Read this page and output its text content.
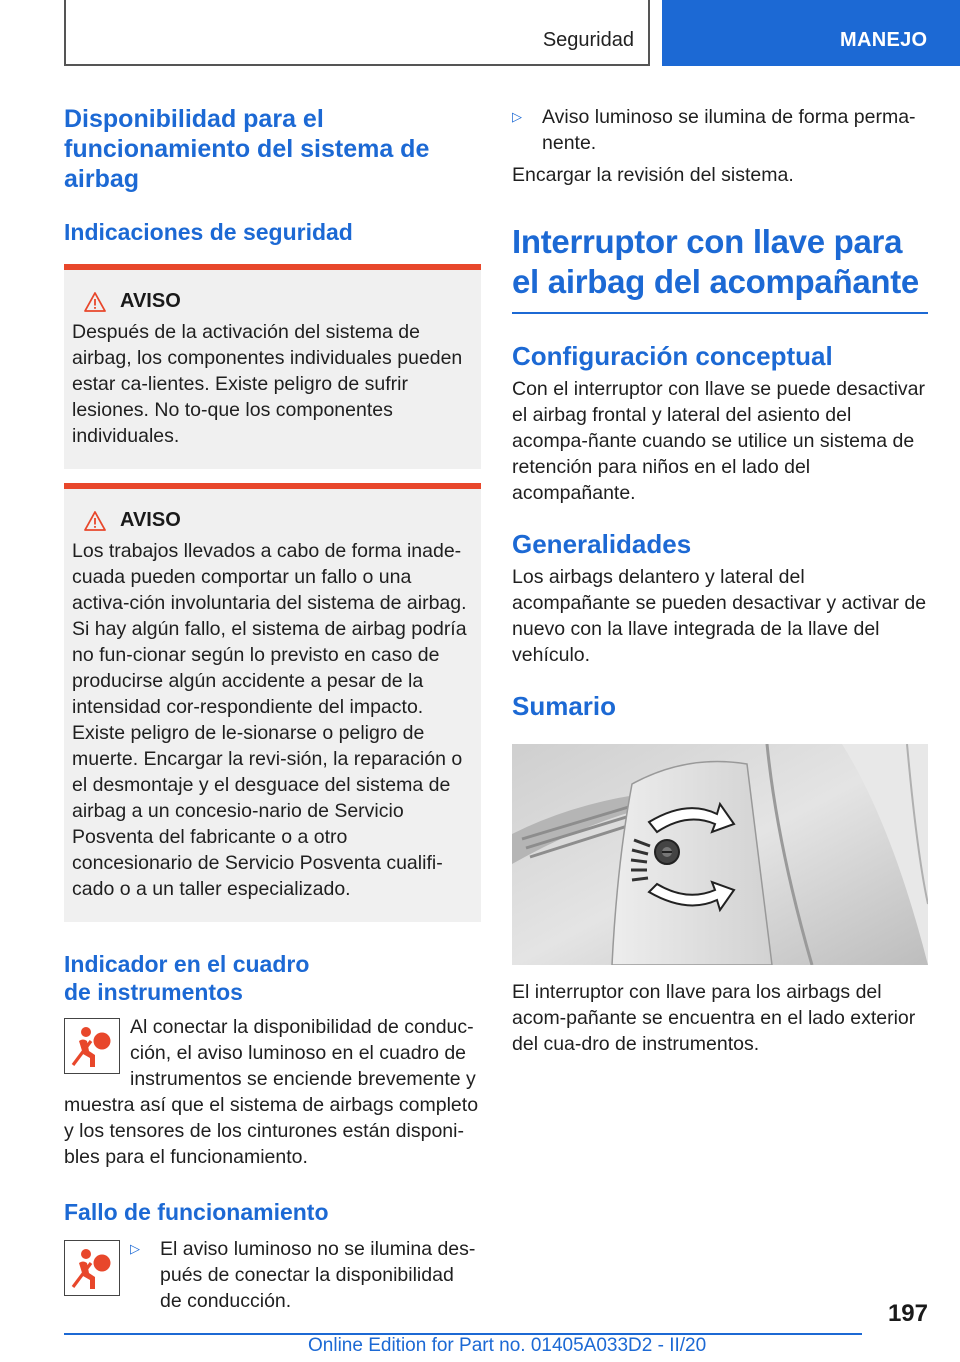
Seguridad	MANEJO
Disponibilidad para el funcionamiento del sistema de airbag
Indicaciones de seguridad
AVISO

Después de la activación del sistema de airbag, los componentes individuales pueden estar ca-lientes. Existe peligro de sufrir lesiones. No to-que los componentes individuales.

AVISO

Los trabajos llevados a cabo de forma inade-cuada pueden comportar un fallo o una activa-ción involuntaria del sistema de airbag. Si hay algún fallo, el sistema de airbag podría no fun-cionar según lo previsto en caso de producirse algún accidente a pesar de la intensidad cor-respondiente del impacto. Existe peligro de le-sionarse o peligro de muerte. Encargar la revi-sión, la reparación o el desmontaje y el desguace del sistema de airbag a un concesio-nario de Servicio Posventa del fabricante o a otro concesionario de Servicio Posventa cualifi-cado o a un taller especializado.

Indicador en el cuadro
de instrumentos

Al conectar la disponibilidad de conduc-ción, el aviso luminoso en el cuadro de instrumentos se enciende brevemente y

muestra así que el sistema de airbags completo y los tensores de los cinturones están disponi-bles para el funcionamiento.

Fallo de funcionamiento
▷	El aviso luminoso no se ilumina des-pués de conectar la disponibilidad de conducción.

▷	Aviso luminoso se ilumina de forma perma-nente.

Encargar la revisión del sistema.

Interruptor con llave para el airbag del acompañante
Configuración conceptual

Con el interruptor con llave se puede desactivar el airbag frontal y lateral del asiento del acompa-ñante cuando se utilice un sistema de retención para niños en el lado del acompañante.

Generalidades

Los airbags delantero y lateral del acompañante se pueden desactivar y activar de nuevo con la llave integrada de la llave del vehículo.

Sumario

El interruptor con llave para los airbags del acom-pañante se encuentra en el lado exterior del cua-dro de instrumentos.

197
Online Edition for Part no. 01405A033D2 - II/20
